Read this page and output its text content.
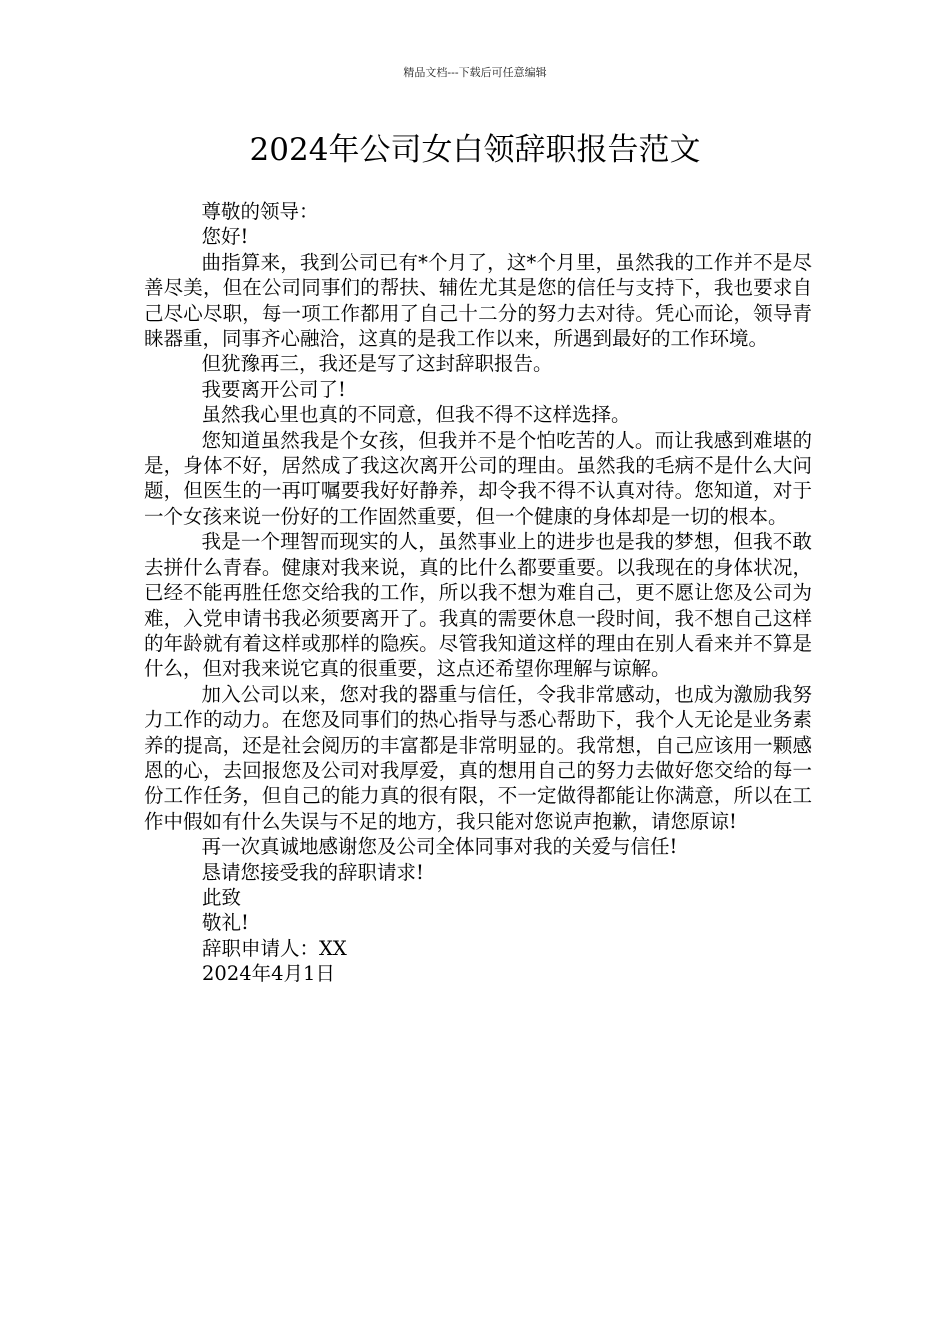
精品文档---下载后可任意编辑
2024年公司女白领辞职报告范文

尊敬的领导：

您好!

曲指算来，我到公司已有*个月了，这*个月里，虽然我的工作并不是尽善尽美，但在公司同事们的帮扶、辅佐尤其是您的信任与支持下，我也要求自己尽心尽职，每一项工作都用了自己十二分的努力去对待。凭心而论，领导青睐器重，同事齐心融洽，这真的是我工作以来，所遇到最好的工作环境。

但犹豫再三，我还是写了这封辞职报告。

我要离开公司了!

虽然我心里也真的不同意，但我不得不这样选择。

您知道虽然我是个女孩，但我并不是个怕吃苦的人。而让我感到难堪的是，身体不好，居然成了我这次离开公司的理由。虽然我的毛病不是什么大问题，但医生的一再叮嘱要我好好静养，却令我不得不认真对待。您知道，对于一个女孩来说一份好的工作固然重要，但一个健康的身体却是一切的根本。

我是一个理智而现实的人，虽然事业上的进步也是我的梦想，但我不敢去拼什么青春。健康对我来说，真的比什么都要重要。以我现在的身体状况，已经不能再胜任您交给我的工作，所以我不想为难自己，更不愿让您及公司为难，入党申请书我必须要离开了。我真的需要休息一段时间，我不想自己这样的年龄就有着这样或那样的隐疾。尽管我知道这样的理由在别人看来并不算是什么，但对我来说它真的很重要，这点还希望你理解与谅解。

加入公司以来，您对我的器重与信任，令我非常感动，也成为激励我努力工作的动力。在您及同事们的热心指导与悉心帮助下，我个人无论是业务素养的提高，还是社会阅历的丰富都是非常明显的。我常想，自己应该用一颗感恩的心，去回报您及公司对我厚爱，真的想用自己的努力去做好您交给的每一份工作任务，但自己的能力真的很有限，不一定做得都能让你满意，所以在工作中假如有什么失误与不足的地方，我只能对您说声抱歉，请您原谅!

再一次真诚地感谢您及公司全体同事对我的关爱与信任!

恳请您接受我的辞职请求!

此致

敬礼!

辞职申请人：XX

2024年4月1日
